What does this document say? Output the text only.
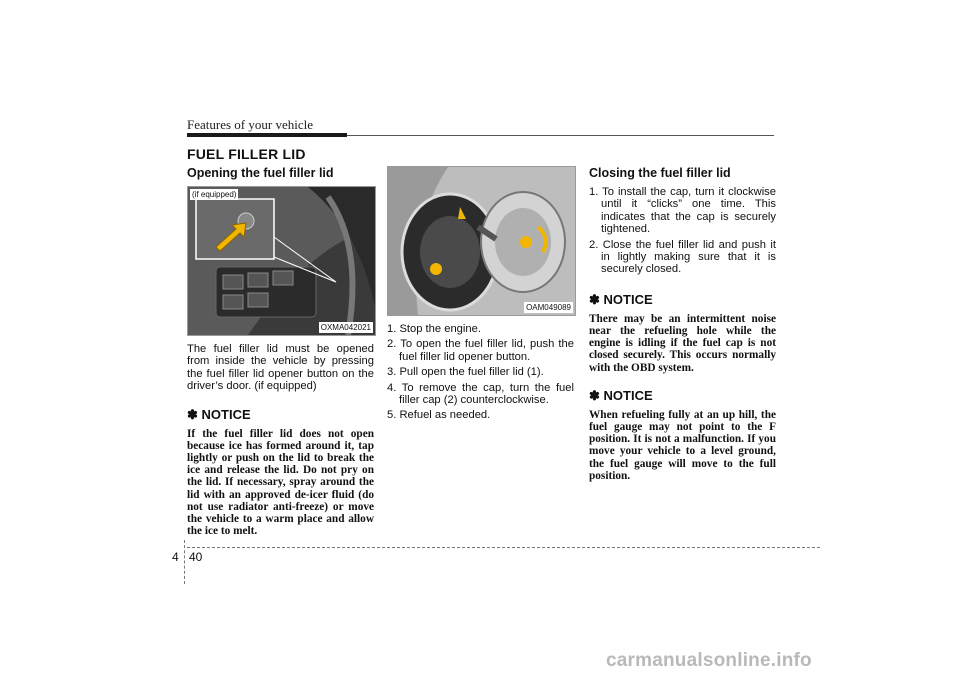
Features of your vehicle
FUEL FILLER LID
Opening the fuel filler lid
(if equipped)
OXMA042021

The fuel filler lid must be opened from inside the vehicle by pressing the fuel filler lid opener button on the driver’s door. (if equipped)

✽ NOTICE

If the fuel filler lid does not open because ice has formed around it, tap lightly or push on the lid to break the ice and release the lid. Do not pry on the lid. If necessary, spray around the lid with an approved de-icer fluid (do not use radiator anti-freeze) or move the vehicle to a warm place and allow the ice to melt.

OAM049089
1. Stop the engine.
2. To open the fuel filler lid, push the fuel filler lid opener button.
3. Pull open the fuel filler lid (1).
4. To remove the cap, turn the fuel filler cap (2) counterclockwise.
5. Refuel as needed.
Closing the fuel filler lid
1. To install the cap, turn it clockwise until it “clicks” one time. This indicates that the cap is securely tightened.
2. Close the fuel filler lid and push it in lightly making sure that it is securely closed.
✽ NOTICE

There may be an intermittent noise near the refueling hole while the engine is idling if the fuel cap is not closed securely. This occurs normally with the OBD system.

✽ NOTICE

When refueling fully at an up hill, the fuel gauge may not point to the F position. It is not a malfunction. If you move your vehicle to a level ground, the fuel gauge will move to the full position.

4 40
carmanualsonline.info
